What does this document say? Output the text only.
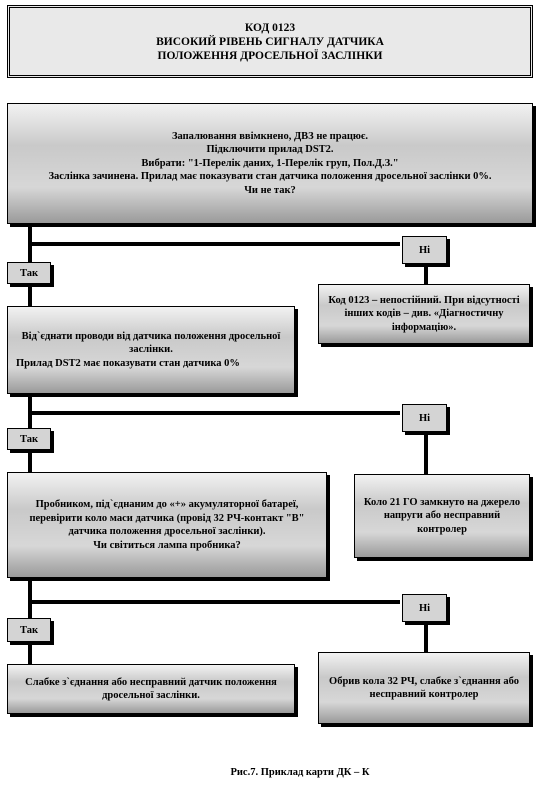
КОД 0123
ВИСОКИЙ РІВЕНЬ СИГНАЛУ ДАТЧИКА
ПОЛОЖЕННЯ ДРОСЕЛЬНОЇ ЗАСЛІНКИ
Запалювання ввімкнено, ДВЗ не працює.
Підключити прилад DST2.
Вибрати: "1-Перелік даних, 1-Перелік груп, Пол.Д.З."
Заслінка зачинена. Прилад має показувати стан датчика положення дросельної заслінки 0%.
Чи не так?
Так
Ні
Код 0123 – непостійний. При відсутності інших кодів – див. «Діагностичну інформацію».
Від`єднати проводи від датчика положення дросельної заслінки.
Прилад DST2 має показувати стан датчика 0%
Так
Ні
Коло 21 ГО замкнуто на джерело напруги або несправний контролер
Пробником, під`єднаним до «+» акумуляторної батареї, перевірити коло маси датчика (провід 32 РЧ-контакт "В" датчика положення дросельної заслінки).
Чи світиться лампа пробника?
Так
Ні
Слабке з`єднання або несправний датчик положення дросельної заслінки.
Обрив кола 32 РЧ, слабке з`єднання або несправний контролер
Рис.7. Приклад карти ДК – К
